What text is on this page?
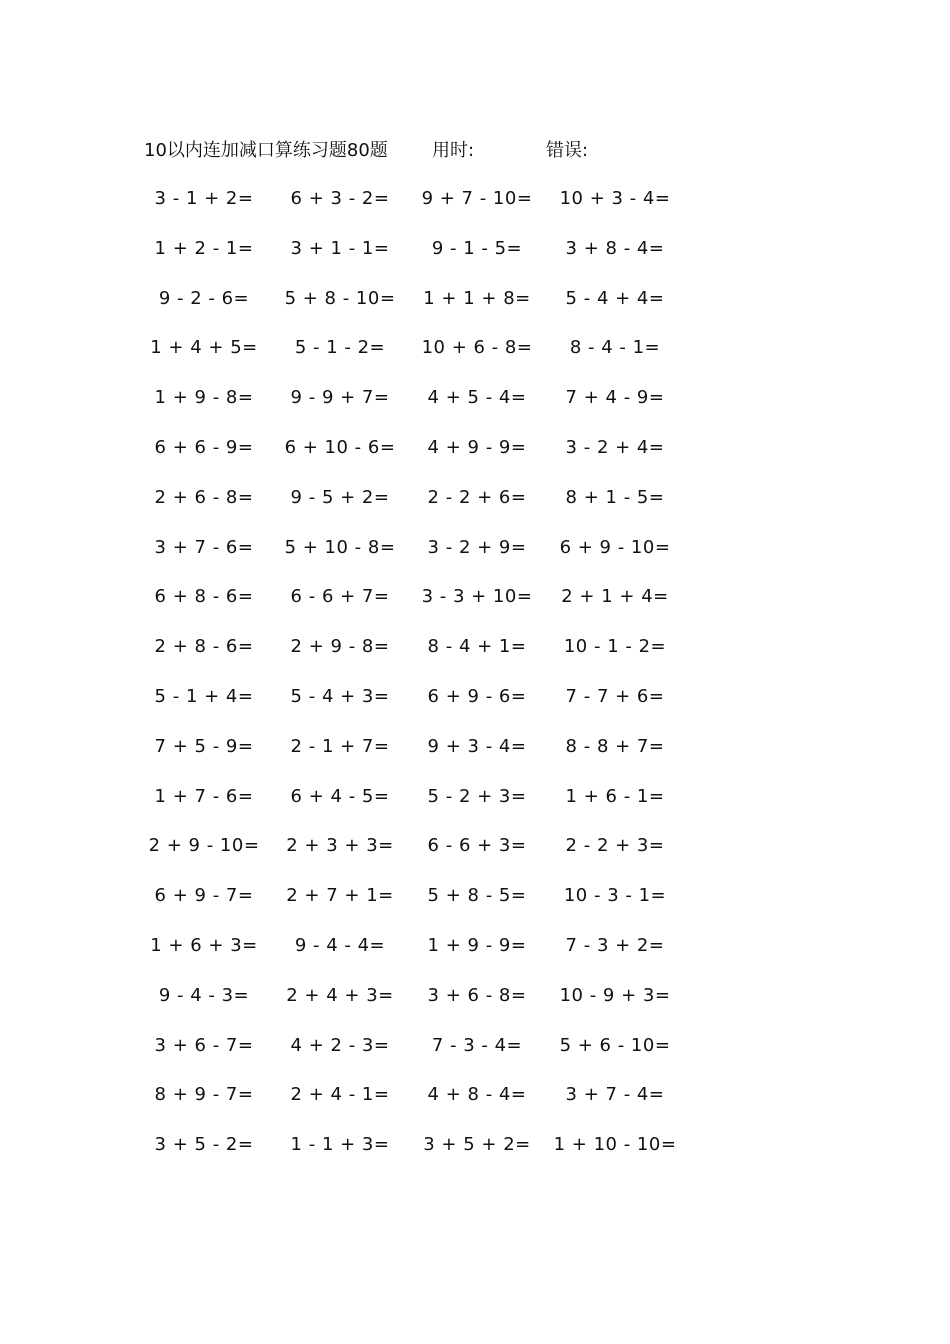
10以内连加减口算练习题80题 用时:	错误:
3 - 1 + 2=	6 + 3 - 2=	9 + 7 - 10=	10 + 3 - 4=
1 + 2 - 1=	3 + 1 - 1=	9 - 1 - 5=	3 + 8 - 4=
9 - 2 - 6=	5 + 8 - 10=	1 + 1 + 8=	5 - 4 + 4=
1 + 4 + 5=	5 - 1 - 2=	10 + 6 - 8=	8 - 4 - 1=
1 + 9 - 8=	9 - 9 + 7=	4 + 5 - 4=	7 + 4 - 9=
6 + 6 - 9=	6 + 10 - 6=	4 + 9 - 9=	3 - 2 + 4=
2 + 6 - 8=	9 - 5 + 2=	2 - 2 + 6=	8 + 1 - 5=
3 + 7 - 6=	5 + 10 - 8=	3 - 2 + 9=	6 + 9 - 10=
6 + 8 - 6=	6 - 6 + 7=	3 - 3 + 10=	2 + 1 + 4=
2 + 8 - 6=	2 + 9 - 8=	8 - 4 + 1=	10 - 1 - 2=
5 - 1 + 4=	5 - 4 + 3=	6 + 9 - 6=	7 - 7 + 6=
7 + 5 - 9=	2 - 1 + 7=	9 + 3 - 4=	8 - 8 + 7=
1 + 7 - 6=	6 + 4 - 5=	5 - 2 + 3=	1 + 6 - 1=
2 + 9 - 10=	2 + 3 + 3=	6 - 6 + 3=	2 - 2 + 3=
6 + 9 - 7=	2 + 7 + 1=	5 + 8 - 5=	10 - 3 - 1=
1 + 6 + 3=	9 - 4 - 4=	1 + 9 - 9=	7 - 3 + 2=
9 - 4 - 3=	2 + 4 + 3=	3 + 6 - 8=	10 - 9 + 3=
3 + 6 - 7=	4 + 2 - 3=	7 - 3 - 4=	5 + 6 - 10=
8 + 9 - 7=	2 + 4 - 1=	4 + 8 - 4=	3 + 7 - 4=
3 + 5 - 2=	1 - 1 + 3=	3 + 5 + 2=	1 + 10 - 10=
